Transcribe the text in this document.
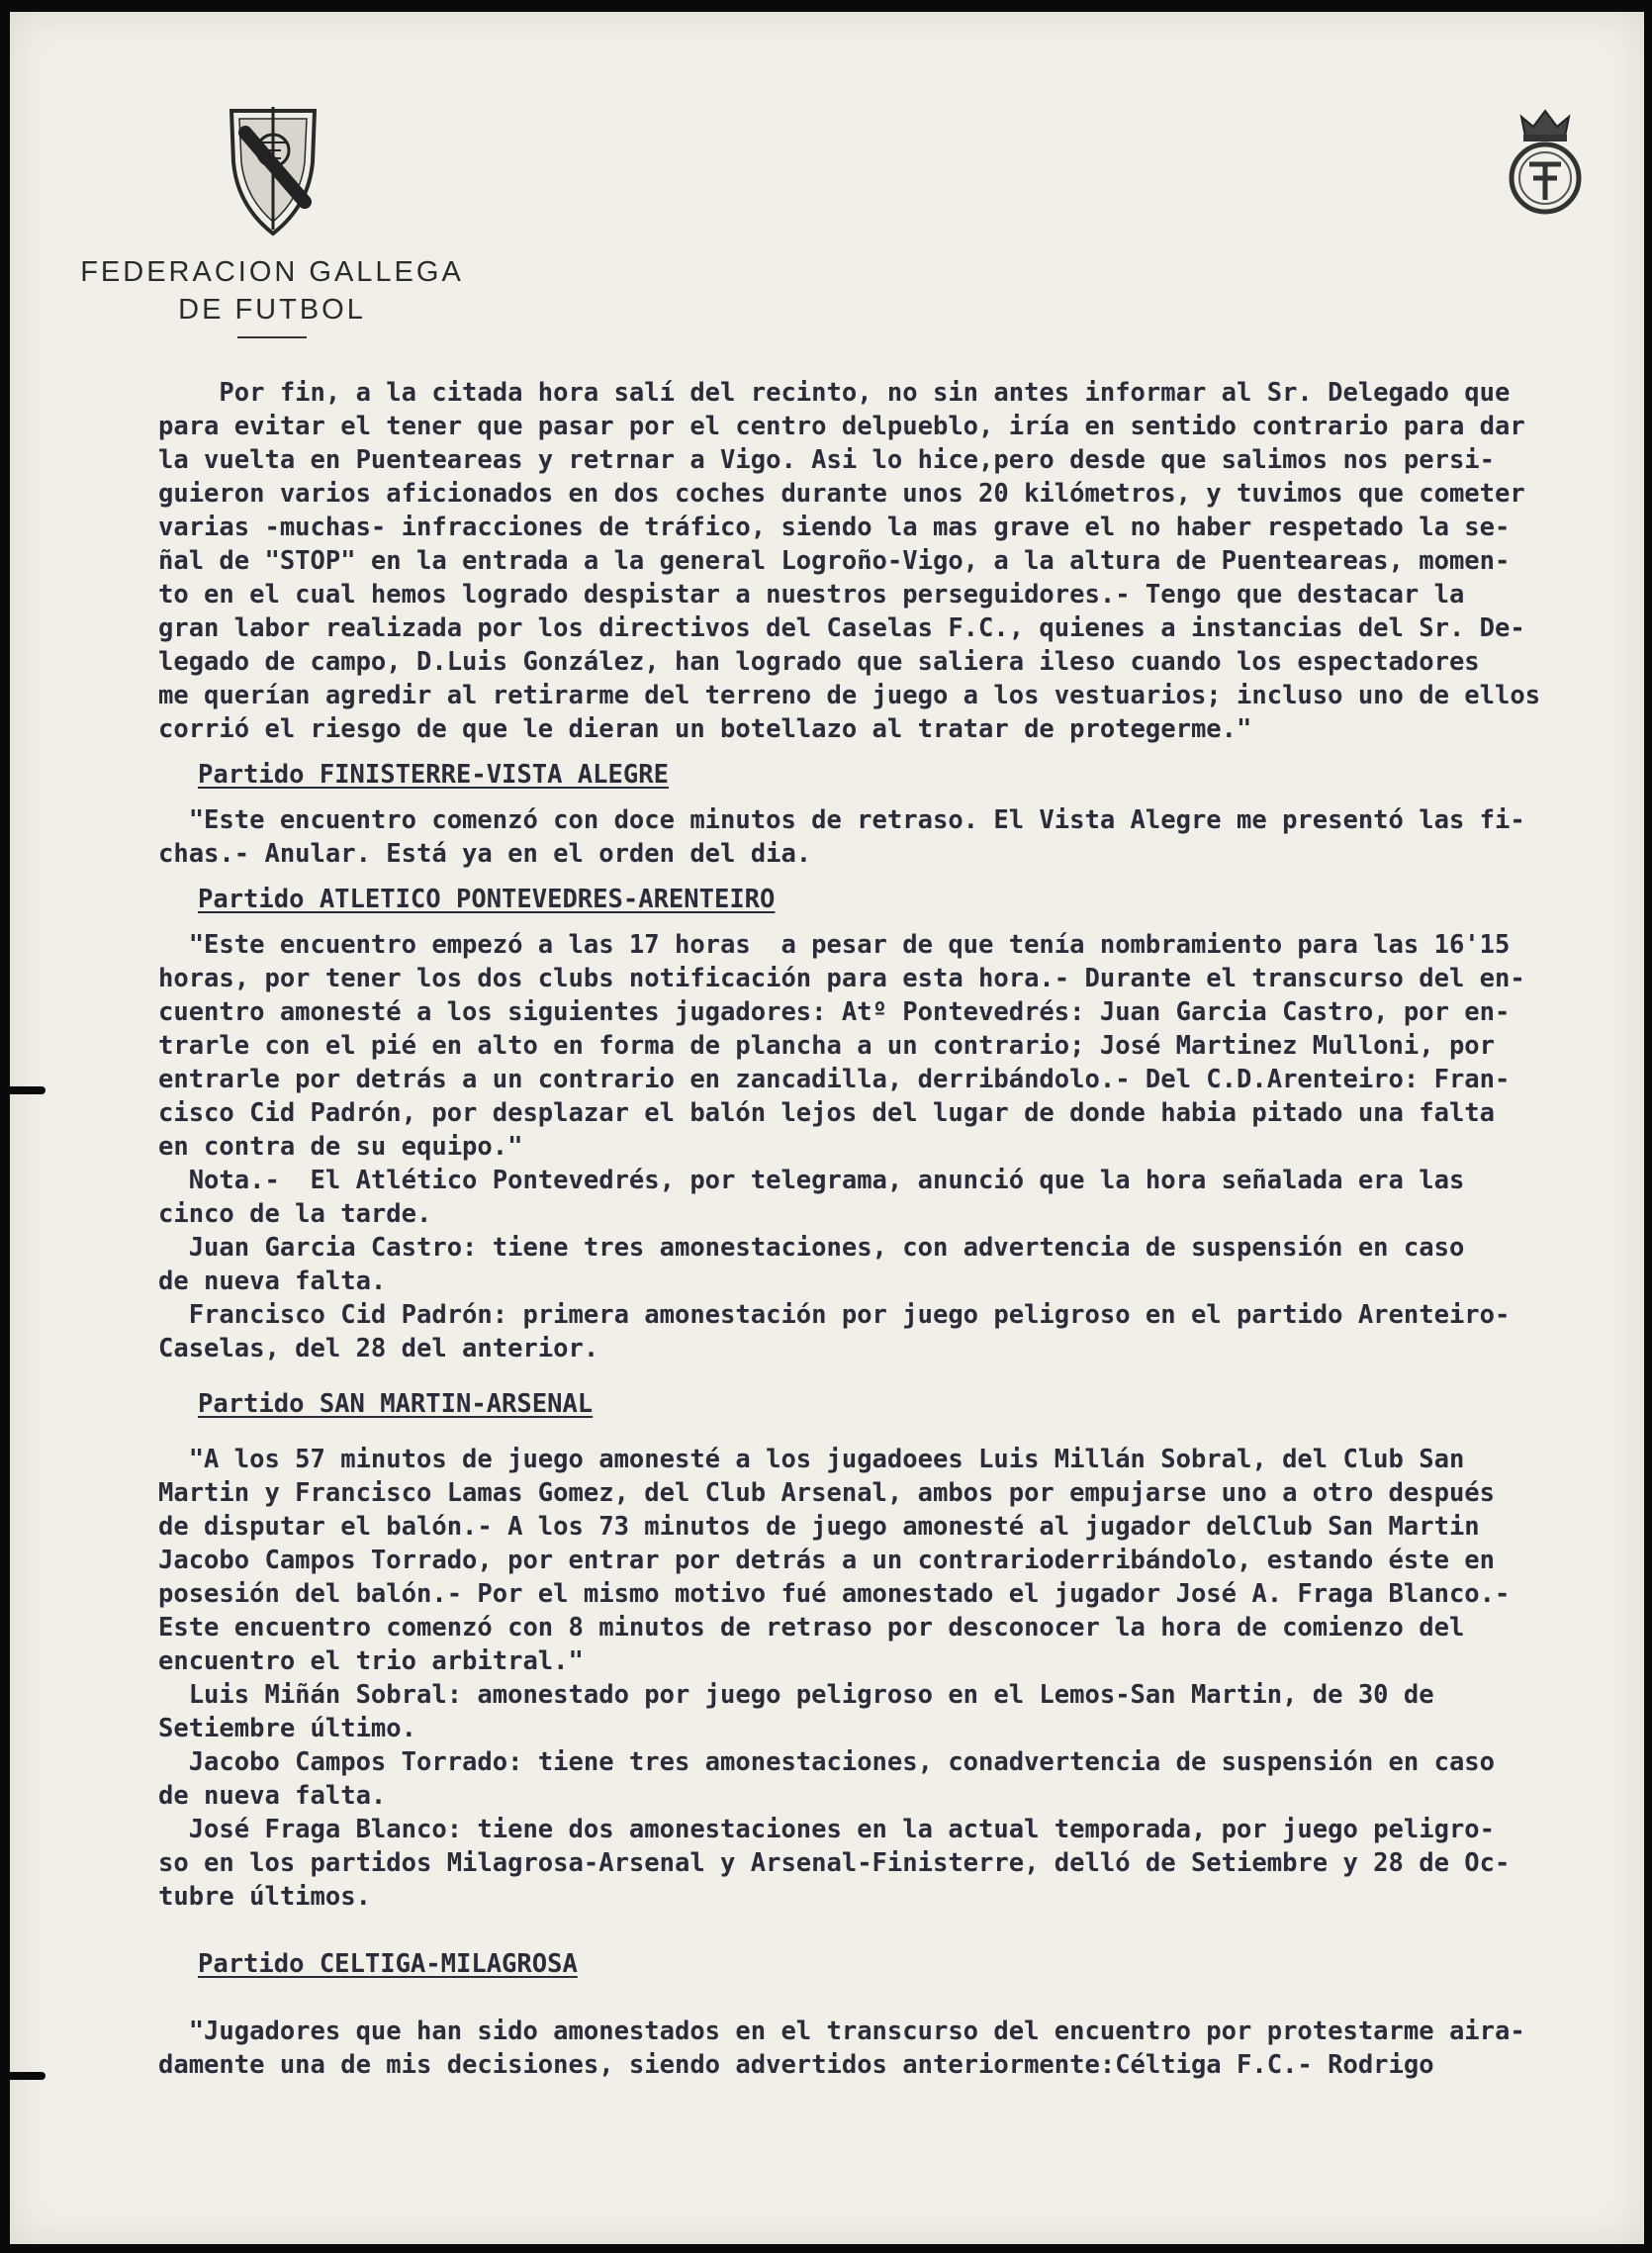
FEDERACION GALLEGA
DE FUTBOL

Por fin, a la citada hora salí del recinto, no sin antes informar al Sr. Delegado que

para evitar el tener que pasar por el centro delpueblo, iría en sentido contrario para dar

la vuelta en Puenteareas y retrnar a Vigo. Asi lo hice,pero desde que salimos nos persi-

guieron varios aficionados en dos coches durante unos 20 kilómetros, y tuvimos que cometer

varias -muchas- infracciones de tráfico, siendo la mas grave el no haber respetado la se-

ñal de "STOP" en la entrada a la general Logroño-Vigo, a la altura de Puenteareas, momen-

to en el cual hemos logrado despistar a nuestros perseguidores.- Tengo que destacar la

gran labor realizada por los directivos del Caselas F.C., quienes a instancias del Sr. De-

legado de campo, D.Luis González, han logrado que saliera ileso cuando los espectadores

me querían agredir al retirarme del terreno de juego a los vestuarios; incluso uno de ellos

corrió el riesgo de que le dieran un botellazo al tratar de protegerme."

Partido FINISTERRE-VISTA ALEGRE

"Este encuentro comenzó con doce minutos de retraso. El Vista Alegre me presentó las fi-

chas.- Anular. Está ya en el orden del dia.

Partido ATLETICO PONTEVEDRES-ARENTEIRO

"Este encuentro empezó a las 17 horas  a pesar de que tenía nombramiento para las 16'15

horas, por tener los dos clubs notificación para esta hora.- Durante el transcurso del en-

cuentro amonesté a los siguientes jugadores: Atº Pontevedrés: Juan Garcia Castro, por en-

trarle con el pié en alto en forma de plancha a un contrario; José Martinez Mulloni, por

entrarle por detrás a un contrario en zancadilla, derribándolo.- Del C.D.Arenteiro: Fran-

cisco Cid Padrón, por desplazar el balón lejos del lugar de donde habia pitado una falta

en contra de su equipo."

Nota.-  El Atlético Pontevedrés, por telegrama, anunció que la hora señalada era las

cinco de la tarde.

Juan Garcia Castro: tiene tres amonestaciones, con advertencia de suspensión en caso

de nueva falta.

Francisco Cid Padrón: primera amonestación por juego peligroso en el partido Arenteiro-

Caselas, del 28 del anterior.

Partido SAN MARTIN-ARSENAL

"A los 57 minutos de juego amonesté a los jugadoees Luis Millán Sobral, del Club San

Martin y Francisco Lamas Gomez, del Club Arsenal, ambos por empujarse uno a otro después

de disputar el balón.- A los 73 minutos de juego amonesté al jugador delClub San Martin

Jacobo Campos Torrado, por entrar por detrás a un contrarioderribándolo, estando éste en

posesión del balón.- Por el mismo motivo fué amonestado el jugador José A. Fraga Blanco.-

Este encuentro comenzó con 8 minutos de retraso por desconocer la hora de comienzo del

encuentro el trio arbitral."

Luis Miñán Sobral: amonestado por juego peligroso en el Lemos-San Martin, de 30 de

Setiembre último.

Jacobo Campos Torrado: tiene tres amonestaciones, conadvertencia de suspensión en caso

de nueva falta.

José Fraga Blanco: tiene dos amonestaciones en la actual temporada, por juego peligro-

so en los partidos Milagrosa-Arsenal y Arsenal-Finisterre, delló de Setiembre y 28 de Oc-

tubre últimos.

Partido CELTIGA-MILAGROSA

"Jugadores que han sido amonestados en el transcurso del encuentro por protestarme aira-

damente una de mis decisiones, siendo advertidos anteriormente:Céltiga F.C.- Rodrigo
